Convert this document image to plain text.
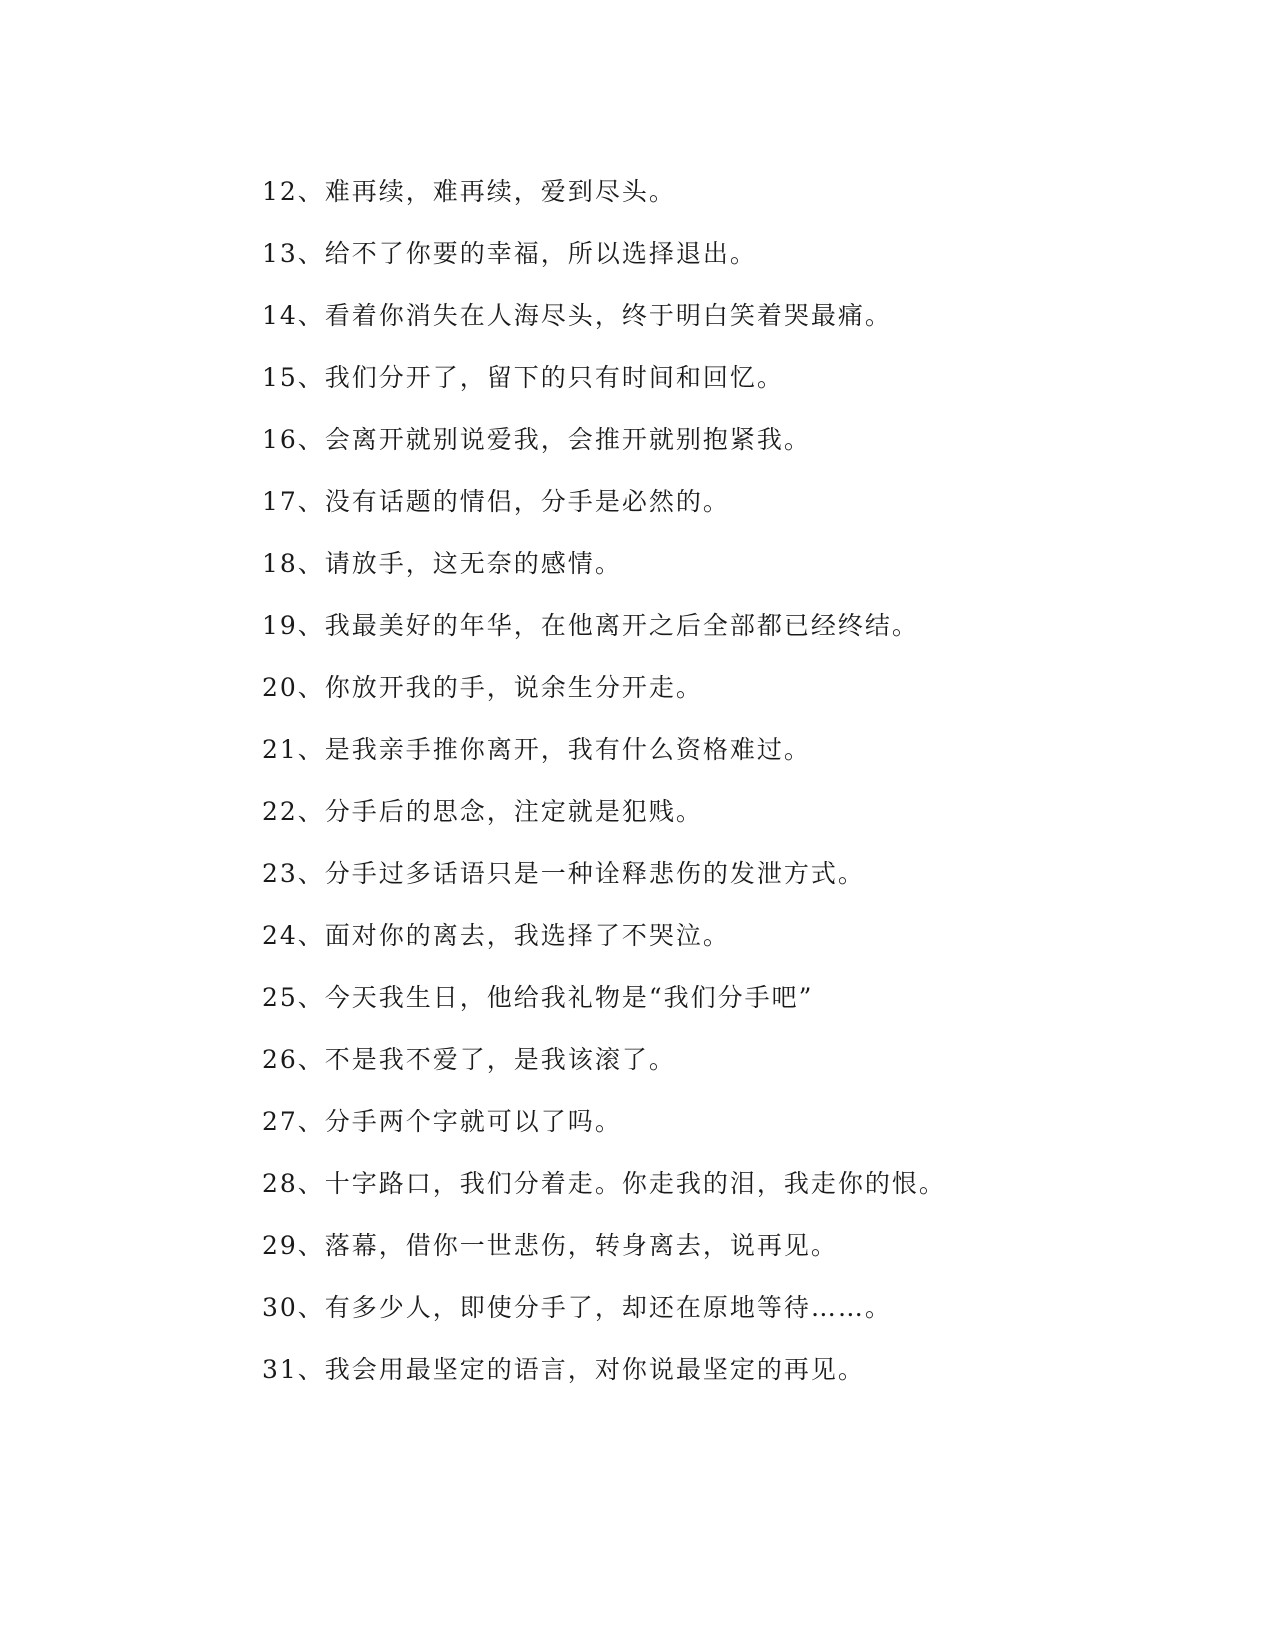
12、难再续，难再续，爱到尽头。
13、给不了你要的幸福，所以选择退出。
14、看着你消失在人海尽头，终于明白笑着哭最痛。
15、我们分开了，留下的只有时间和回忆。
16、会离开就别说爱我，会推开就别抱紧我。
17、没有话题的情侣，分手是必然的。
18、请放手，这无奈的感情。
19、我最美好的年华，在他离开之后全部都已经终结。
20、你放开我的手，说余生分开走。
21、是我亲手推你离开，我有什么资格难过。
22、分手后的思念，注定就是犯贱。
23、分手过多话语只是一种诠释悲伤的发泄方式。
24、面对你的离去，我选择了不哭泣。
25、今天我生日，他给我礼物是“我们分手吧”
26、不是我不爱了，是我该滚了。
27、分手两个字就可以了吗。
28、十字路口，我们分着走。你走我的泪，我走你的恨。
29、落幕，借你一世悲伤，转身离去，说再见。
30、有多少人，即使分手了，却还在原地等待……。
31、我会用最坚定的语言，对你说最坚定的再见。
